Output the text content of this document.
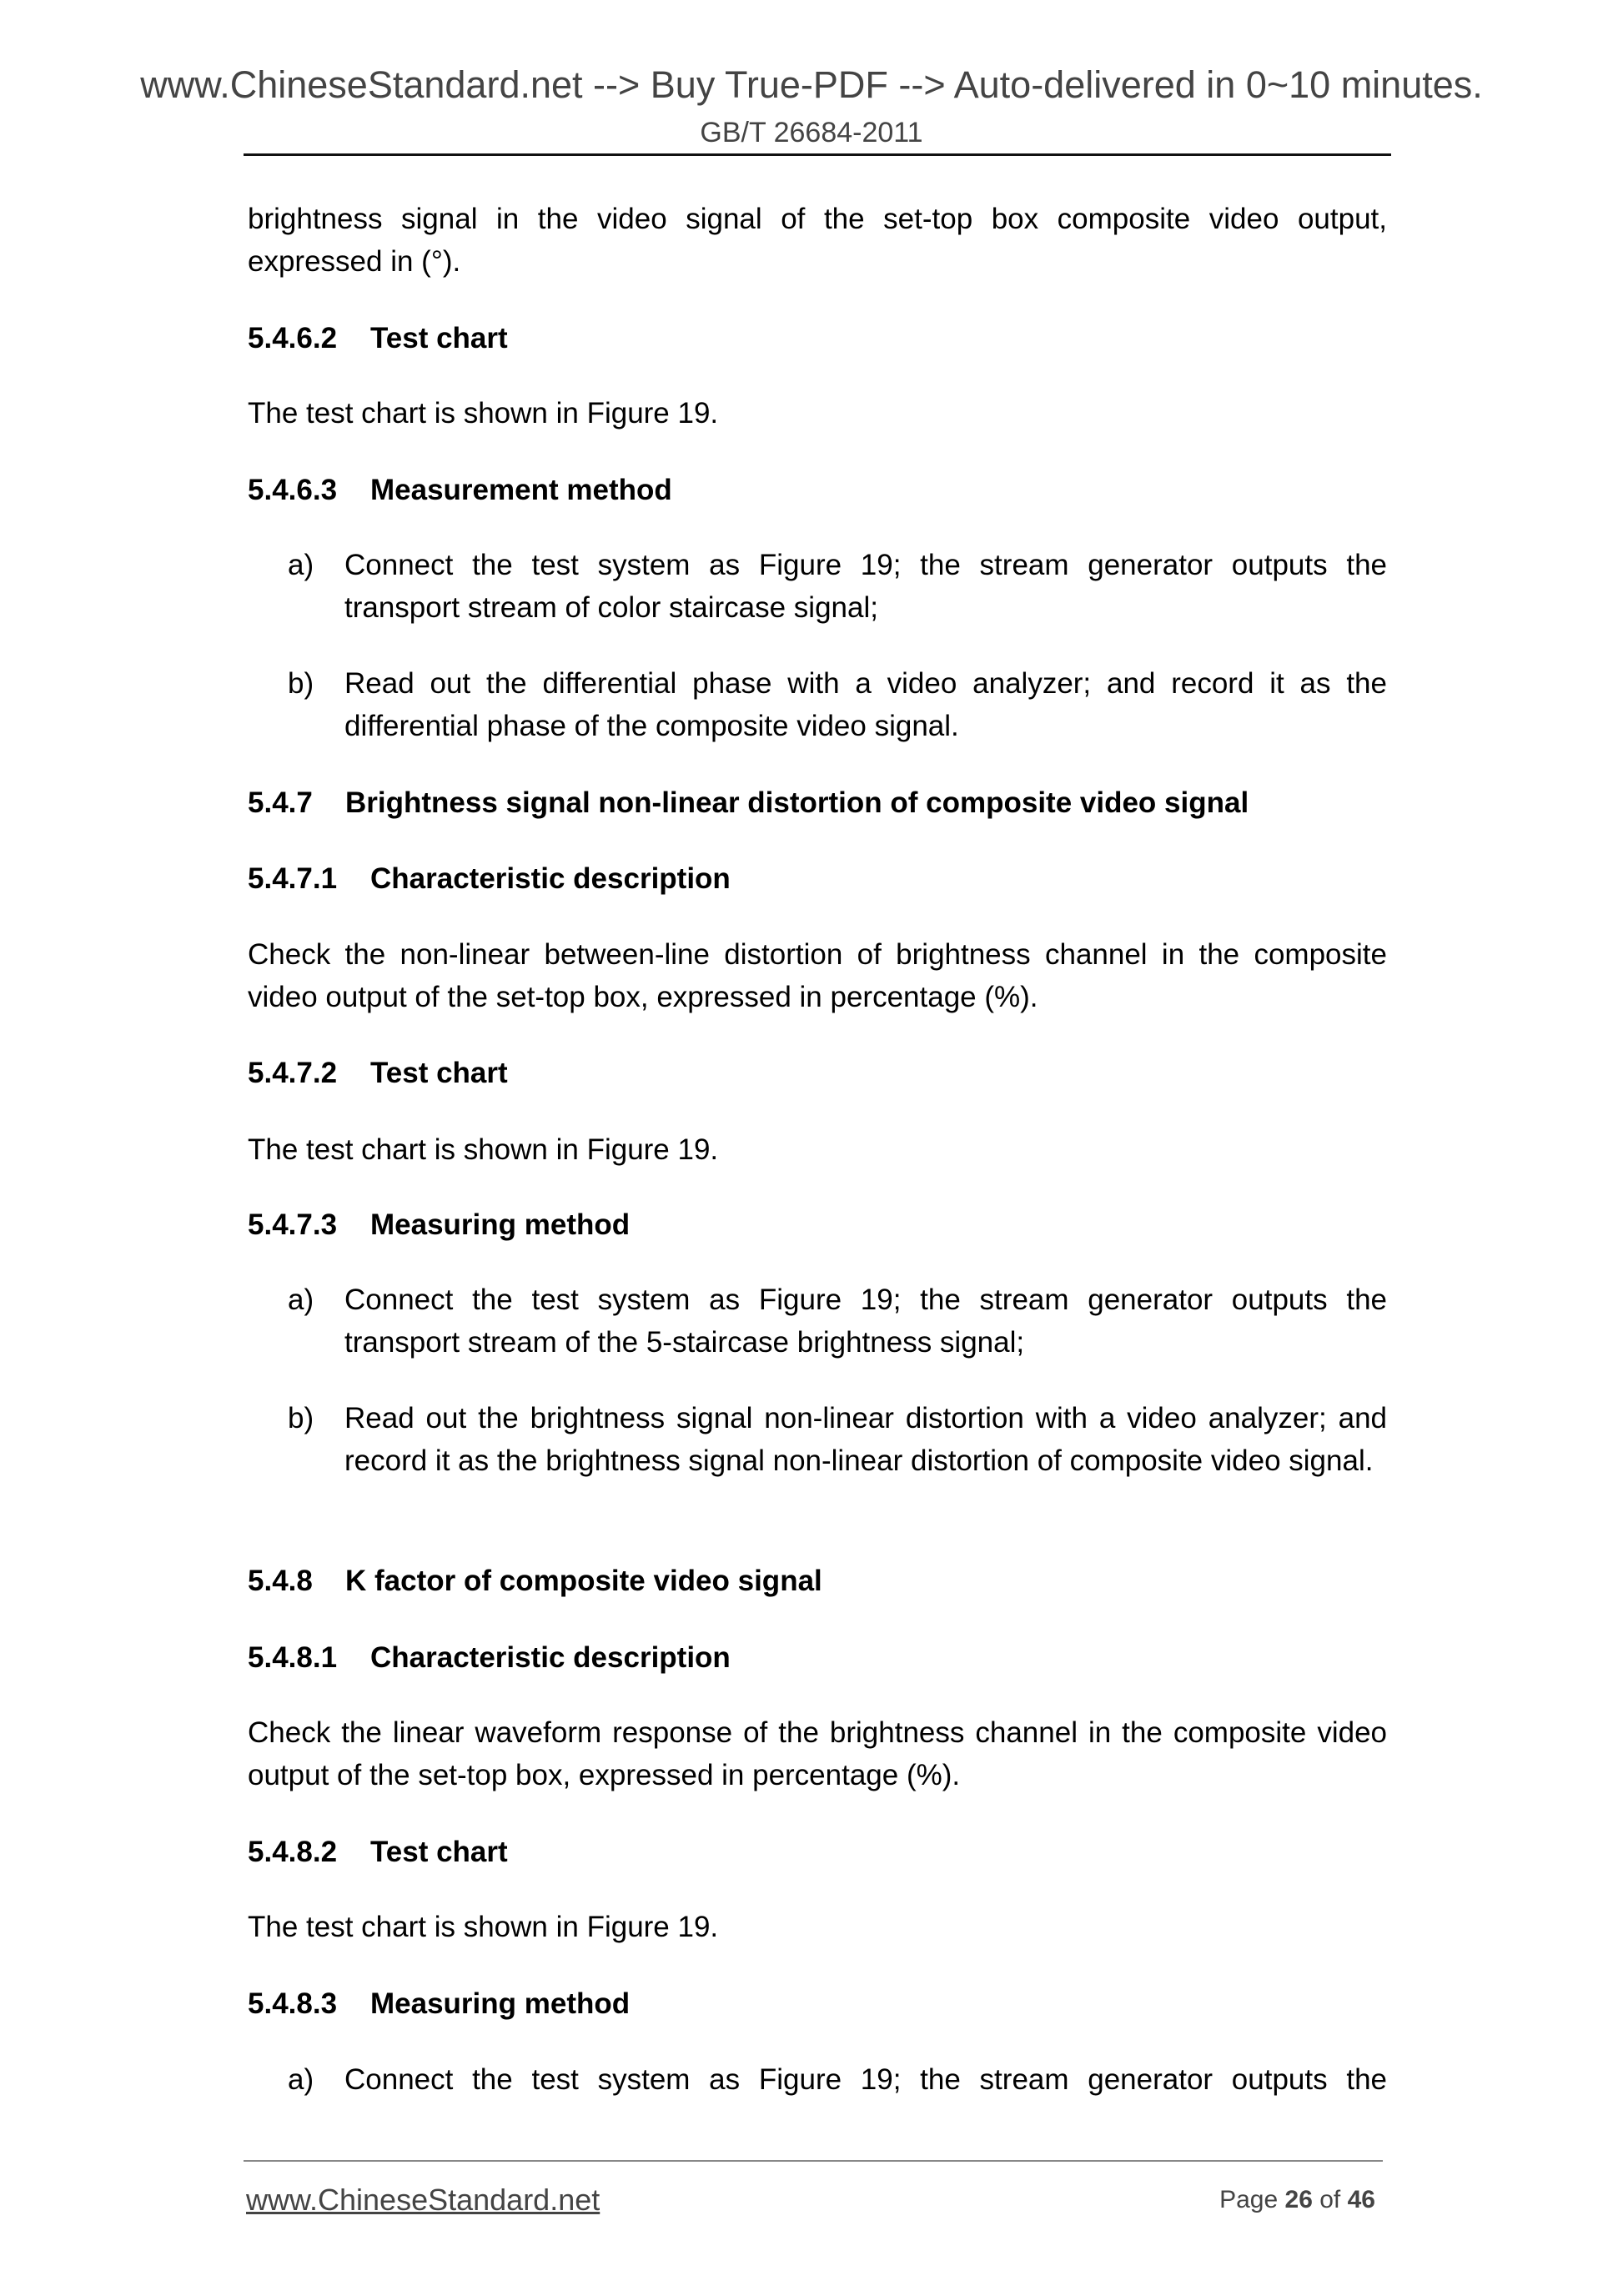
www.ChineseStandard.net --> Buy True-PDF --> Auto-delivered in 0~10 minutes.
GB/T 26684-2011
brightness signal in the video signal of the set-top box composite video output, expressed in (°).
5.4.6.2 Test chart
The test chart is shown in Figure 19.
5.4.6.3 Measurement method
a) Connect the test system as Figure 19; the stream generator outputs the transport stream of color staircase signal;
b) Read out the differential phase with a video analyzer; and record it as the differential phase of the composite video signal.
5.4.7 Brightness signal non-linear distortion of composite video signal
5.4.7.1 Characteristic description
Check the non-linear between-line distortion of brightness channel in the composite video output of the set-top box, expressed in percentage (%).
5.4.7.2 Test chart
The test chart is shown in Figure 19.
5.4.7.3 Measuring method
a) Connect the test system as Figure 19; the stream generator outputs the transport stream of the 5-staircase brightness signal;
b) Read out the brightness signal non-linear distortion with a video analyzer; and record it as the brightness signal non-linear distortion of composite video signal.
5.4.8 K factor of composite video signal
5.4.8.1 Characteristic description
Check the linear waveform response of the brightness channel in the composite video output of the set-top box, expressed in percentage (%).
5.4.8.2 Test chart
The test chart is shown in Figure 19.
5.4.8.3 Measuring method
a) Connect the test system as Figure 19; the stream generator outputs the
www.ChineseStandard.net	Page 26 of 46
